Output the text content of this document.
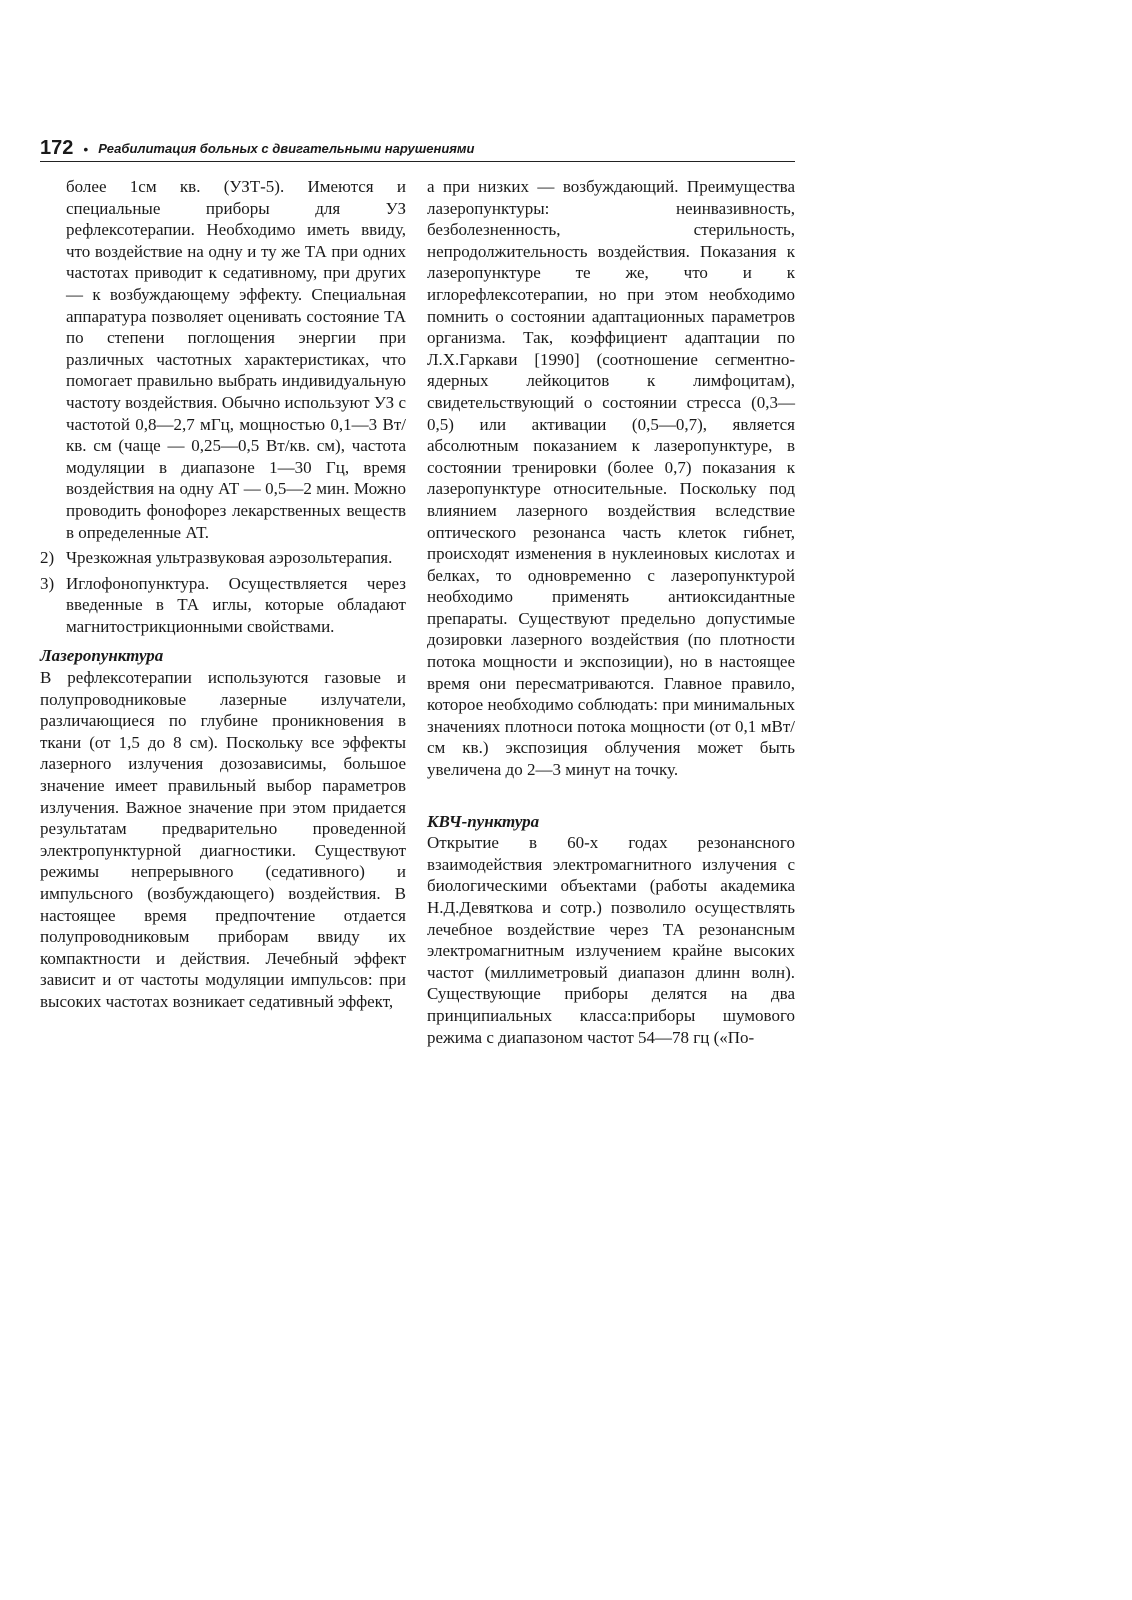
172 • Реабилитация больных с двигательными нарушениями

более 1см кв. (УЗТ-5). Имеются и специальные приборы для УЗ рефлексотерапии. Необходимо иметь ввиду, что воздействие на одну и ту же ТА при одних частотах приводит к седативному, при других — к возбуждающему эффекту. Специальная аппаратура позволяет оценивать состояние ТА по степени поглощения энергии при различных частотных характеристиках, что помогает правильно выбрать индивидуальную частоту воздействия. Обычно используют УЗ с частотой 0,8—2,7 мГц, мощностью 0,1—3 Вт/кв. см (чаще — 0,25—0,5 Вт/кв. см), частота модуляции в диапазоне 1—30 Гц, время воздействия на одну АТ — 0,5—2 мин. Можно проводить фонофорез лекарственных веществ в определенные АТ.

2) Чрезкожная ультразвуковая аэрозольтерапия.
3) Иглофонопунктура. Осуществляется через введенные в ТА иглы, которые обладают магнитострикционными свойствами.

Лазеропунктура

В рефлексотерапии используются газовые и полупроводниковые лазерные излучатели, различающиеся по глубине проникновения в ткани (от 1,5 до 8 см). Поскольку все эффекты лазерного излучения дозозависимы, большое значение имеет правильный выбор параметров излучения. Важное значение при этом придается результатам предварительно проведенной электропунктурной диагностики. Существуют режимы непрерывного (седативного) и импульсного (возбуждающего) воздействия. В настоящее время предпочтение отдается полупроводниковым приборам ввиду их компактности и действия. Лечебный эффект зависит и от частоты модуляции импульсов: при высоких частотах возникает седативный эффект,

а при низких — возбуждающий. Преимущества лазеропунктуры: неинвазивность, безболезненность, стерильность, непродолжительность воздействия. Показания к лазеропунктуре те же, что и к иглорефлексотерапии, но при этом необходимо помнить о состоянии адаптационных параметров организма. Так, коэффициент адаптации по Л.Х.Гаркави [1990] (соотношение сегментно-ядерных лейкоцитов к лимфоцитам), свидетельствующий о состоянии стресса (0,3—0,5) или активации (0,5—0,7), является абсолютным показанием к лазеропунктуре, в состоянии тренировки (более 0,7) показания к лазеропунктуре относительные. Поскольку под влиянием лазерного воздействия вследствие оптического резонанса часть клеток гибнет, происходят изменения в нуклеиновых кислотах и белках, то одновременно с лазеропунктурой необходимо применять антиоксидантные препараты. Существуют предельно допустимые дозировки лазерного воздействия (по плотности потока мощности и экспозиции), но в настоящее время они пересматриваются. Главное правило, которое необходимо соблюдать: при минимальных значениях плотноси потока мощности (от 0,1 мВт/см кв.) экспозиция облучения может быть увеличена до 2—3 минут на точку.

КВЧ-пунктура

Открытие в 60-х годах резонансного взаимодействия электромагнитного излучения с биологическими объектами (работы академика Н.Д.Девяткова и сотр.) позволило осуществлять лечебное воздействие через ТА резонансным электромагнитным излучением крайне высоких частот (миллиметровый диапазон длинн волн). Существующие приборы делятся на два принципиальных класса:приборы шумового режима с диапазоном частот 54—78 гц («По-
